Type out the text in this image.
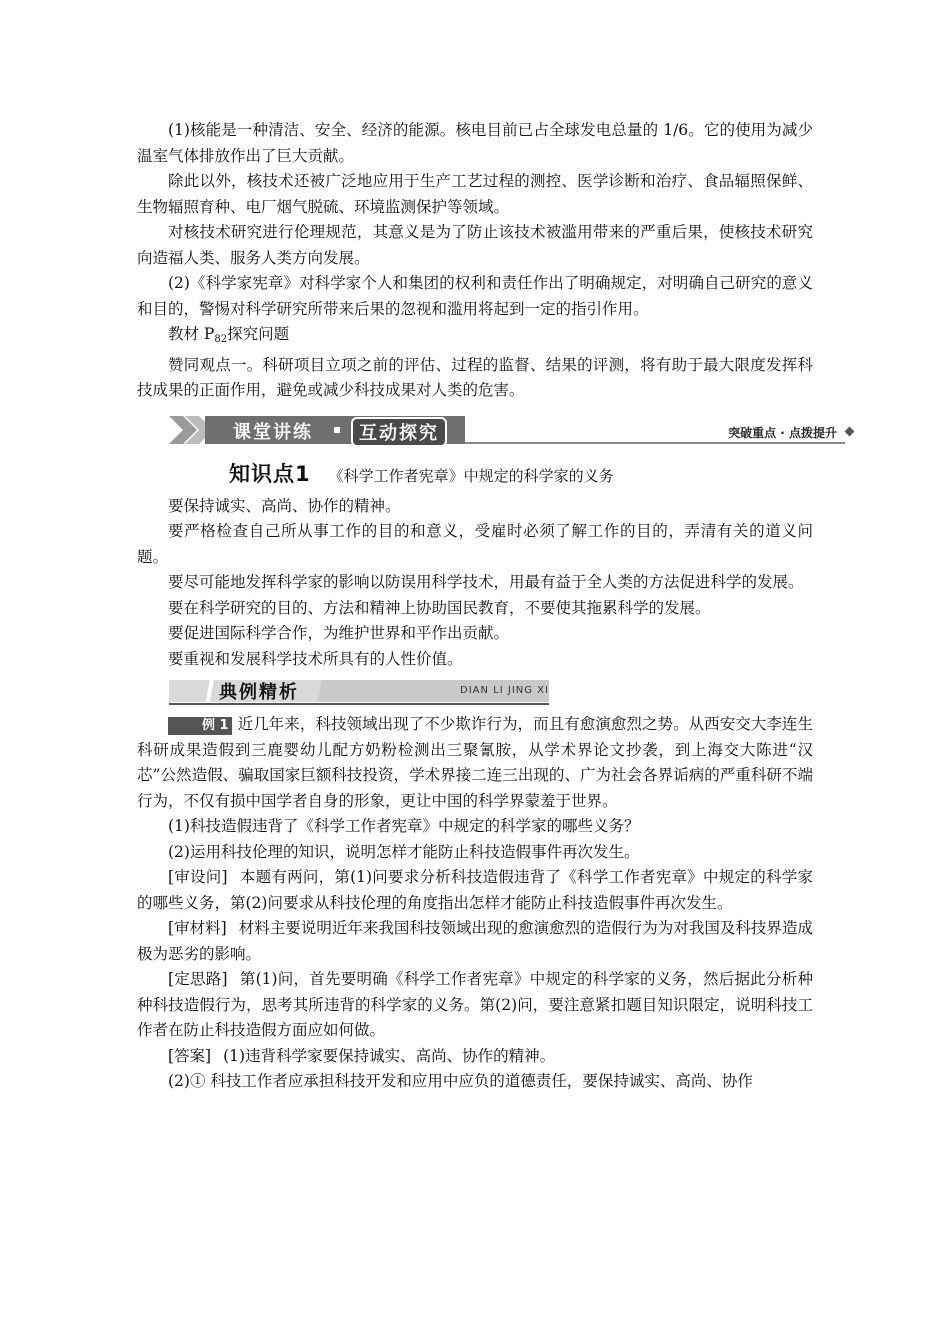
(1)核能是一种清洁、安全、经济的能源。核电目前已占全球发电总量的 1/6。它的使用为减少温室气体排放作出了巨大贡献。

除此以外，核技术还被广泛地应用于生产工艺过程的测控、医学诊断和治疗、食品辐照保鲜、生物辐照育种、电厂烟气脱硫、环境监测保护等领域。

对核技术研究进行伦理规范，其意义是为了防止该技术被滥用带来的严重后果，使核技术研究向造福人类、服务人类方向发展。

(2)《科学家宪章》对科学家个人和集团的权利和责任作出了明确规定，对明确自己研究的意义和目的，警惕对科学研究所带来后果的忽视和滥用将起到一定的指引作用。

教材 $P_{82}$探究问题

赞同观点一。科研项目立项之前的评估、过程的监督、结果的评测，将有助于最大限度发挥科技成果的正面作用，避免或减少科技成果对人类的危害。

课堂讲练 ▪ 互动探究	突破重点 · 点拨提升
知识点1 《科学工作者宪章》中规定的科学家的义务

要保持诚实、高尚、协作的精神。

要严格检查自己所从事工作的目的和意义，受雇时必须了解工作的目的，弄清有关的道义问题。

要尽可能地发挥科学家的影响以防误用科学技术，用最有益于全人类的方法促进科学的发展。

要在科学研究的目的、方法和精神上协助国民教育，不要使其拖累科学的发展。

要促进国际科学合作，为维护世界和平作出贡献。

要重视和发展科学技术所具有的人性价值。

典例精析	DIAN LI JING XI

例 1 近几年来，科技领域出现了不少欺诈行为，而且有愈演愈烈之势。从西安交大李连生科研成果造假到三鹿婴幼儿配方奶粉检测出三聚氰胺，从学术界论文抄袭，到上海交大陈进“汉芯”公然造假、骗取国家巨额科技投资，学术界接二连三出现的、广为社会各界诟病的严重科研不端行为，不仅有损中国学者自身的形象，更让中国的科学界蒙羞于世界。

(1)科技造假违背了《科学工作者宪章》中规定的科学家的哪些义务？

(2)运用科技伦理的知识，说明怎样才能防止科技造假事件再次发生。

[审设问] 本题有两问，第(1)问要求分析科技造假违背了《科学工作者宪章》中规定的科学家的哪些义务，第(2)问要求从科技伦理的角度指出怎样才能防止科技造假事件再次发生。

[审材料] 材料主要说明近年来我国科技领域出现的愈演愈烈的造假行为为对我国及科技界造成极为恶劣的影响。

[定思路] 第(1)问，首先要明确《科学工作者宪章》中规定的科学家的义务，然后据此分析种种科技造假行为，思考其所违背的科学家的义务。第(2)问，要注意紧扣题目知识限定，说明科技工作者在防止科技造假方面应如何做。

[答案] (1)违背科学家要保持诚实、高尚、协作的精神。

(2)① 科技工作者应承担科技开发和应用中应负的道德责任，要保持诚实、高尚、协作
